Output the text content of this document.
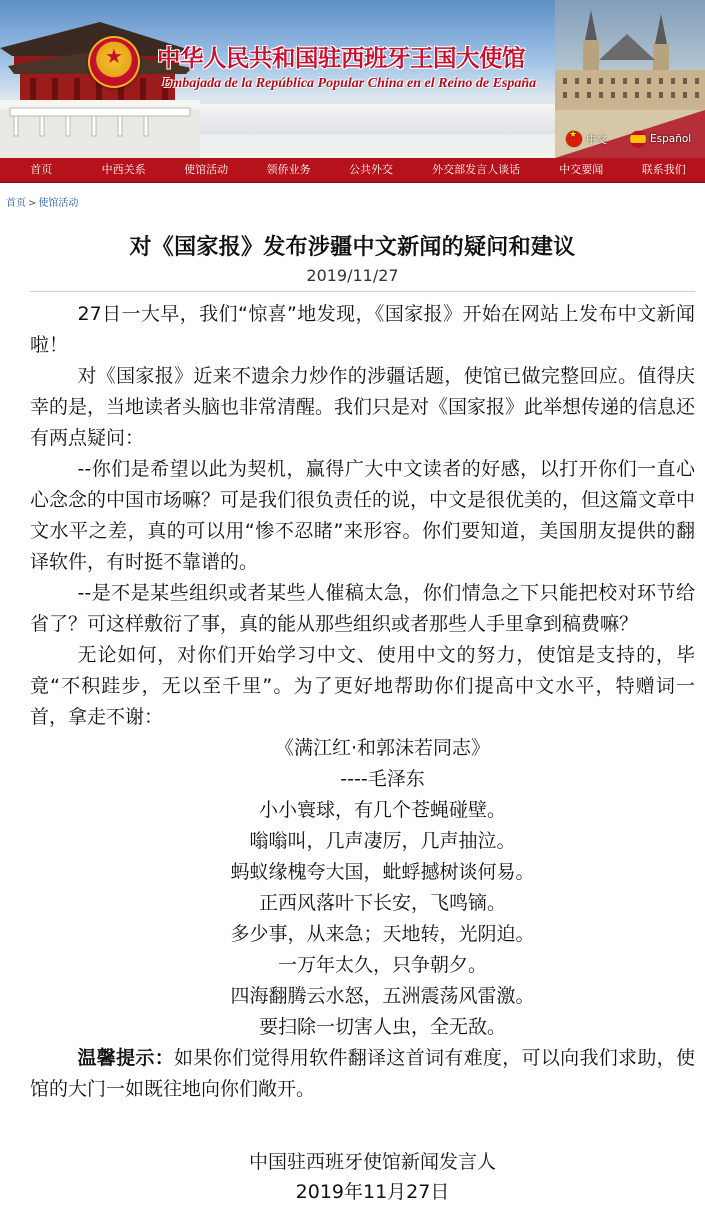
★	中华人民共和国驻西班牙王国大使馆

Embajada de la República Popular China en el Reino de España

★
中文	Español
首页	中西关系	使馆活动	领侨业务	公共外交	外交部发言人谈话	中交要闻	联系我们
首页 > 使馆活动
对《国家报》发布涉疆中文新闻的疑问和建议
2019/11/27

27日一大早，我们“惊喜”地发现，《国家报》开始在网站上发布中文新闻啦！

对《国家报》近来不遗余力炒作的涉疆话题，使馆已做完整回应。值得庆幸的是，当地读者头脑也非常清醒。我们只是对《国家报》此举想传递的信息还有两点疑问：

--你们是希望以此为契机，赢得广大中文读者的好感，以打开你们一直心心念念的中国市场嘛？可是我们很负责任的说，中文是很优美的，但这篇文章中文水平之差，真的可以用“惨不忍睹”来形容。你们要知道，美国朋友提供的翻译软件，有时挺不靠谱的。

--是不是某些组织或者某些人催稿太急，你们情急之下只能把校对环节给省了？可这样敷衍了事，真的能从那些组织或者那些人手里拿到稿费嘛？

无论如何，对你们开始学习中文、使用中文的努力，使馆是支持的，毕竟“不积跬步，无以至千里”。为了更好地帮助你们提高中文水平，特赠词一首，拿走不谢：

《满江红·和郭沫若同志》
----毛泽东
小小寰球，有几个苍蝇碰壁。
嗡嗡叫，几声凄厉，几声抽泣。
蚂蚁缘槐夸大国，蚍蜉撼树谈何易。
正西风落叶下长安，飞鸣镝。
多少事，从来急；天地转，光阴迫。
一万年太久，只争朝夕。
四海翻腾云水怒，五洲震荡风雷激。
要扫除一切害人虫，全无敌。

温馨提示：如果你们觉得用软件翻译这首词有难度，可以向我们求助，使馆的大门一如既往地向你们敞开。

中国驻西班牙使馆新闻发言人
2019年11月27日
